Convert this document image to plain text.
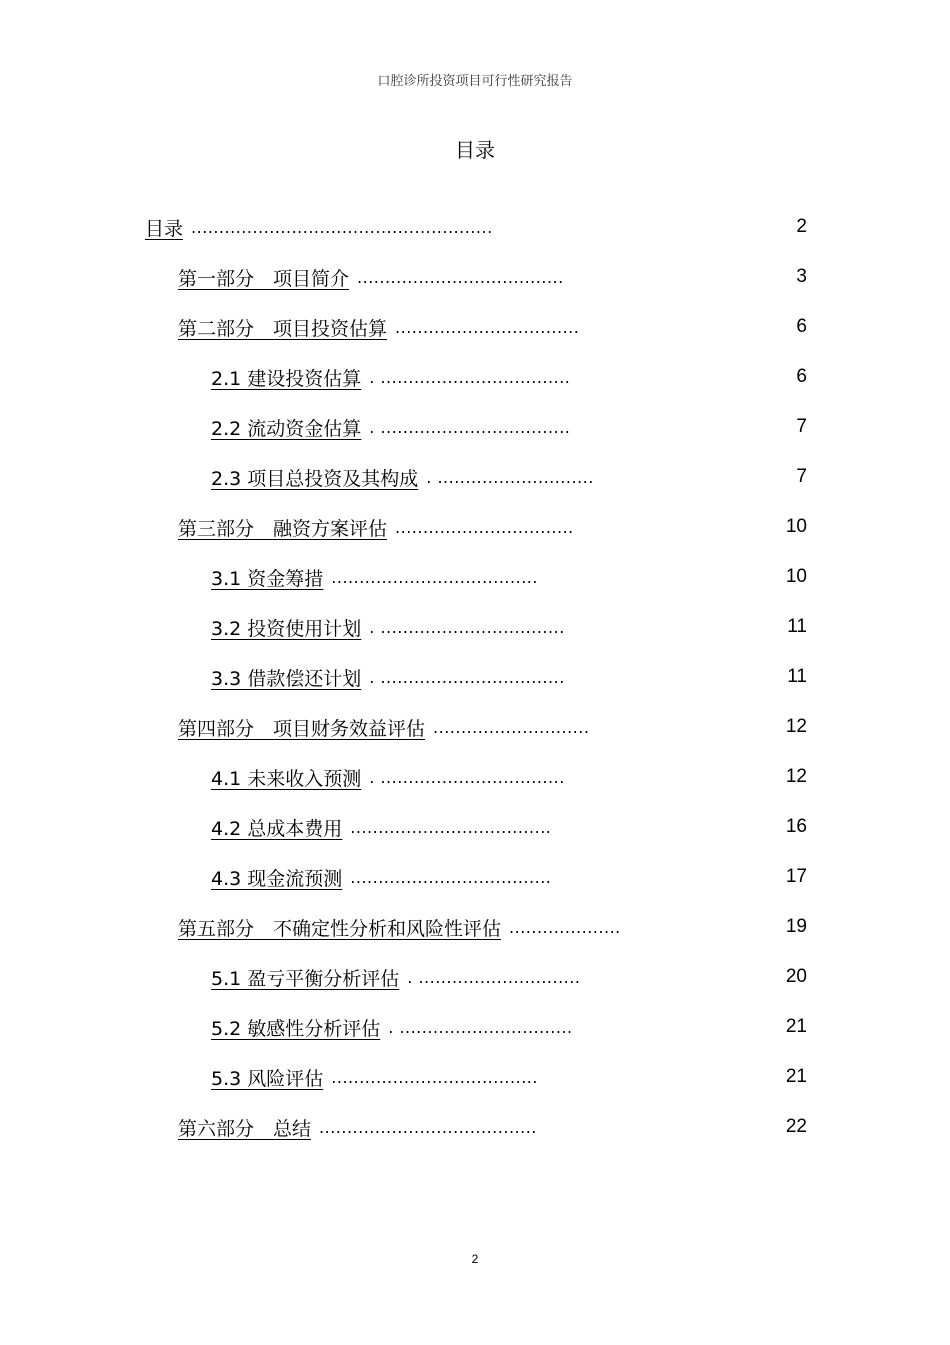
口腔诊所投资项目可行性研究报告
目录
目录 ......................................................	2
第一部分　项目简介 .....................................	3
第二部分　项目投资估算 .................................	6
2.1 建设投资估算 . ..................................	6
2.2 流动资金估算 . ..................................	7
2.3 项目总投资及其构成 . ............................	7
第三部分　融资方案评估 ................................	10
3.1 资金筹措 .....................................	10
3.2 投资使用计划 . .................................	11
3.3 借款偿还计划 . .................................	11
第四部分　项目财务效益评估 ............................	12
4.1 未来收入预测 . .................................	12
4.2 总成本费用 ....................................	16
4.3 现金流预测 ....................................	17
第五部分　不确定性分析和风险性评估 ....................	19
5.1 盈亏平衡分析评估 . .............................	20
5.2 敏感性分析评估 . ...............................	21
5.3 风险评估 .....................................	21
第六部分　总结 .......................................	22
2
